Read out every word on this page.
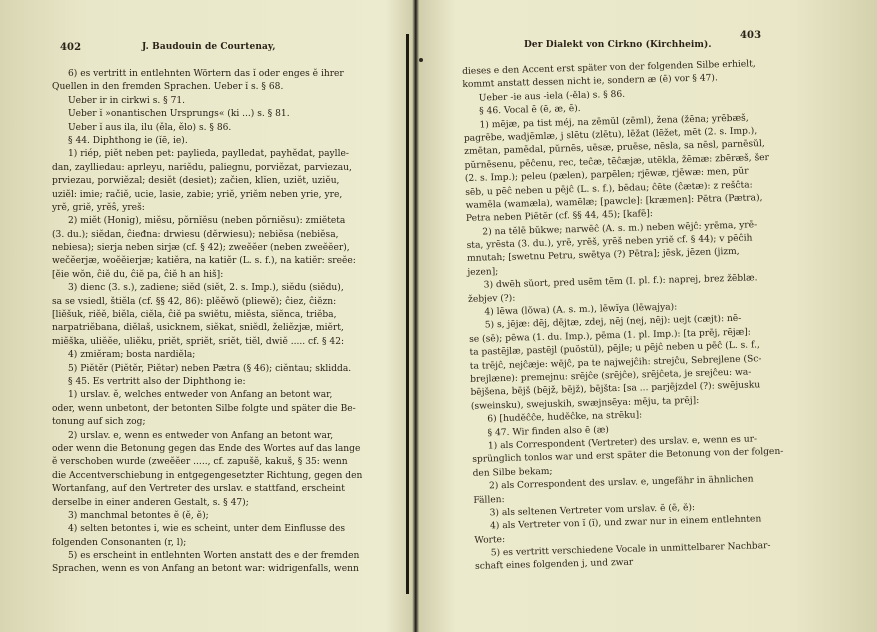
402	J. Baudouin de Courtenay,
6) es vertritt in entlehnten Wörtern das ĭ oder enges ĕ ihrer
Quellen in den fremden Sprachen. Ueber ĭ s. § 68.
Ueber ir in cirkwi s. § 71.
Ueber ĭ »onantischen Ursprungs« (ki ...) s. § 81.
Ueber ĭ aus ila, ilu (ěla, ělo) s. § 86.
§ 44. Diphthong ie (ĭē, ie).
1) riép, piĕt neben pet: paylieda, paylledat, payhĕdat, paylle-
dan, zaylliedau: aprleyu, nariĕdu, paliegnu, porviĕzat, parviezau,
prviezau, porwiĕzal; desiĕt (desiet); začien, klĭen, uziĕt, uziĕu,
uziĕl: imie; račiĕ, ucie, lasie, zabie; yriĕ, yriĕm neben yrie, yre,
yrĕ, griĕ, yrĕŝ, yreš:
2) miĕt (Honig), miĕsu, pŏrnĭĕsu (neben pŏrniĕsu): zmiĕteta
(3. du.); siĕdan, ĉieđna: drwiesu (dĕrwiesu); nebiĕsa (nebiĕsa,
nebiesa); sierja neben sirjæ (cf. § 42); zweĕĕer (neben zweĕĕer),
wečĕerjæ, woĕĕierjæ; katiĕra, na katiĕr (L. s. f.), na katiĕr: sreĕe:
[ĕie wŏn, ĉiĕ du, ĉiĕ pa, ĉiĕ h an hiš]:
3) dienc (3. s.), zadiene; siĕd (siĕt, 2. s. Imp.), siĕdu (siĕdu),
sa se vsiedl, štiĕla (cf. §§ 42, 86): plĕĕwŏ (pliewĕ); ĉiez, ĉiĕzn:
[liĕšuk, riĕĕ, biĕla, ciĕla, ĉiĕ pa swiĕtu, miĕsta, sĭĕnca, triĕba,
narpatriĕbana, diĕlaš, usicknem, siĕkat, sniĕdl, želiĕzjæ, miĕrt,
miĕška, uliĕĕe, uliĕku, priĕt, spriĕt, sriĕt, tiĕl, dwiĕ ..... cf. § 42:
4) zmiĕram; bosta nardiĕla;
5) Piĕtĕr (Piĕtĕr, Piĕtər) neben Pætra (§ 46); ciĕntau; sklidda.
§ 45. Es vertritt also der Diphthong ie:
1) urslav. ĕ, welches entweder von Anfang an betont war,
oder, wenn unbetont, der betonten Silbe folgte und später die Be-
tonung auf sich zog;
2) urslav. e, wenn es entweder von Anfang an betont war,
oder wenn die Betonung gegen das Ende des Wortes auf das lange
ĕ verschoben wurde (zweĕĕer ....., cf. zapušĕ, kakuš, § 35: wenn
die Accentverschiebung in entgegengesetzter Richtung, gegen den
Wortanfang, auf den Vertreter des urslav. e stattfand, erscheint
derselbe in einer anderen Gestalt, s. § 47);
3) manchmal betontes ĕ (ĕ, ĕ);
4) selten betontes i, wie es scheint, unter dem Einflusse des
folgenden Consonanten (r, l);
5) es erscheint in entlehnten Worten anstatt des e der fremden
Sprachen, wenn es von Anfang an betont war: widrigenfalls, wenn
Der Dialekt von Cirkno (Kirchheim).
403
dieses e den Accent erst später von der folgenden Silbe erhielt,
kommt anstatt dessen nicht ie, sondern æ (ē) vor § 47).
Ueber -ie aus -iela (-ěla) s. § 86.
§ 46. Vocal ē (ē, æ, ē).
1) mējæ, pa tist méj, na zēmŭl (zēml), žena (žēna; yrēbæš,
pagrēbe, wadjēmlæ, j slētu (zlētu), lēžat (lēžet, mēt (2. s. Imp.),
zmētan, pamēdal, pŭrnēs, uēsæ, pruēse, nēsla, sa nēsl, parnēsŭl,
pŭrnēsenu, pēĉenu, rec, teĉæ, tēĉæjæ, utēkla, žēmæ: zbēræš, šer
(2. s. Imp.); peleu (pælen), parpēlen; rjēwæ, rjēwæ: men, pŭr
sēb, u pēĉ neben u pējĉ (L. s. f.), bēdau; ĉēte (ĉætæ): z rešĉta:
wamēla (wamæla), wamēlæ; [pawcle]: [kræmen]: Pētra (Pætra),
Petra neben Piĕtĕr (cf. §§ 44, 45); [kafē]:
2) na tĕlē bŭkwe; narwēĉ (A. s. m.) neben wējĉ: yrēma, yrē-
sta, yrēsta (3. du.), yrē, yrēš, yrēš neben yriĕ cf. § 44); v pēĉih
mnutah; [swetnu Petru, swētya (?) Pētra]; jēsk, jēzen (jizm,
jezen];
3) dwēh sŭort, pred usēm tēm (I. pl. f.): naprej, brez žēblæ.
žebjev (?):
4) lēwa (lŏwa) (A. s. m.), lēwĭya (lēwajya):
5) s, jējæ: dēj, dējtæ, zdej, nēj (nej, nēj): uejt (cæjt): nē-
se (sē); pēwa (1. du. Imp.), pēma (1. pl. Imp.): [ta prēj, rējæ]:
ta pastējlæ, pastējl (puŏstŭl), pējle; u pējĉ neben u pēĉ (L. s. f.,
ta trējĉ, nejĉæje: wējĉ, pa te najwejĉih: strejĉu, Sebrejlene (Sc-
brejlæne): premejnu: srējĉe (srējĉe), srējĉeta, je srejĉeu: wa-
bējšena, bējš (bējž, bējž), bējšta: [sa ... parjējzdel (?): swējusku
(sweinsku), swejuskih, swæjnsēya: mēju, ta prēj]:
6) [hudĕĉĉe, hudĕĉke, na strēku]:
§ 47. Wir finden also ē (æ)
1) als Correspondent (Vertreter) des urslav. e, wenn es ur-
sprünglich tonlos war und erst später die Betonung von der folgen-
den Silbe bekam;
2) als Correspondent des urslav. e, ungefähr in ähnlichen
Fällen:
3) als seltenen Vertreter vom urslav. ĕ (ē, ĕ):
4) als Vertreter von ĭ (ĭ), und zwar nur in einem entlehnten
Worte:
5) es vertritt verschiedene Vocale in unmittelbarer Nachbar-
schaft eines folgenden j, und zwar
